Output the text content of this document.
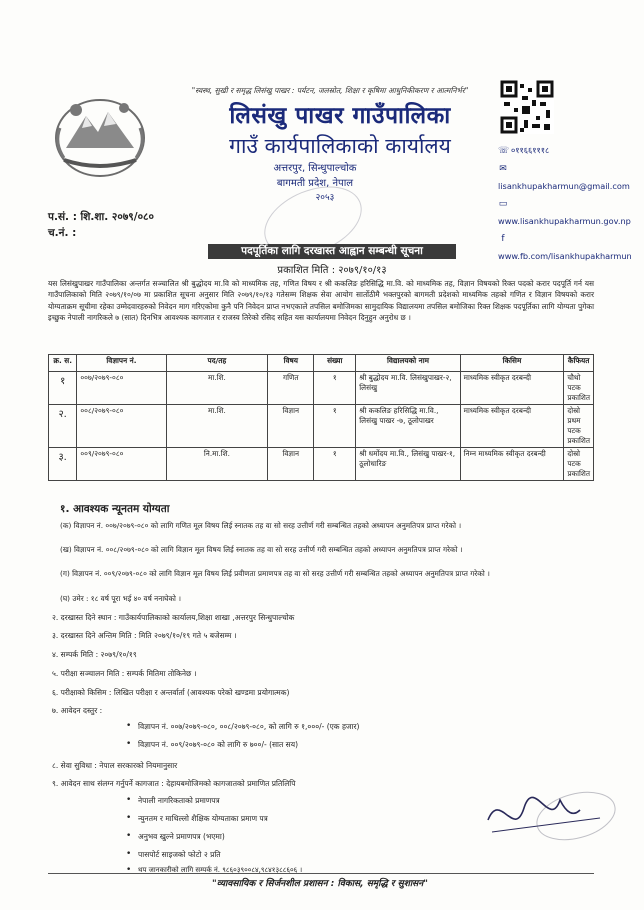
"स्वस्थ, सुखी र समृद्ध लिसंखु पाखर : पर्यटन, जलस्रोत, शिक्षा र कृषिमा आधुनिकीकरण र आत्मनिर्भर"
लिसंखु पाखर गाउँपालिका
गाउँ कार्यपालिकाको कार्यालय
अत्तरपुर, सिन्धुपाल्चोक
बागमती प्रदेश, नेपाल
२०५३
☏ ०११६६१११८
✉lisankhupakharmun@gmail.com
▭www.lisankhupakharmun.gov.np
fwww.fb.com/lisankhupakharmun
प.सं. : शि.शा. २०७९/०८०
च.नं. :
पदपूर्तिका लागि दरखास्त आह्वान सम्बन्धी सूचना
प्रकाशित मिति : २०७९/१०/१३
यस लिसंखुपाखर गाउँपालिका अन्तर्गत सञ्चालित श्री बुद्धोदय मा.वि को माध्यमिक तह, गणित विषय र श्री ककलिङ हरिसिद्धि मा.वि. को माध्यमिक तह, विज्ञान विषयको रिक्त पदको करार पदपूर्ति गर्न यस गाउँपालिकाको मिति २०७९/१०/०७ मा प्रकाशित सूचना अनुसार मिति २०७९/१०/१३ गतेसम्म शिक्षक सेवा आयोग सार्तोठीमै भक्तपुरको बागमती प्रदेशको माध्यमिक तहको गणित र विज्ञान विषयको करार योग्यताक्रम सूचीमा रहेका उम्मेदवारहरुको निवेदन माग गरिएकोमा कुनै पनि निवेदन प्राप्त नभएकाले तपसिल बमोजिमका सामुदायिक विद्यालयमा तपसिल बमोजिका रिक्त शिक्षक पदपूर्तिका लागि योग्यता पुगेका इच्छुक नेपाली नागरिकले ७ (सात) दिनभित्र आवश्यक कागजात र राजस्व तिरेको रसिद सहित यस कार्यालयमा निवेदन दिनुहुन अनुरोध छ ।
क्र. स.	विज्ञापन नं.	पद/तह	विषय	संख्या	विद्यालयको नाम	किसिम	कैफियत
१	००७/२०७९-०८०	मा.शि.	गणित	१	श्री बुद्धोदय मा.वि. लिसंखुपाखर-२, लिसंखु	माध्यमिक स्वीकृत दरबन्दी	चौथो पटक प्रकाशित
२.	००८/२०७९-०८०	मा.शि.	विज्ञान	१	श्री ककलिङ हरिसिद्धि मा.वि., लिसंखु पाखर -७, ठूलोपाखर	माध्यमिक स्वीकृत दरबन्दी	दोस्रो प्रथम पटक प्रकाशित
३.	००९/२०७९-०८०	नि.मा.शि.	विज्ञान	१	श्री धर्मोदय मा.वि., लिसंखु पाखर-१, ठूलोधारिङ	निम्न माध्यमिक स्वीकृत दरबन्दी	दोस्रो पटक प्रकाशित
१. आवश्यक न्यूनतम योग्यता
(क) विज्ञापन नं. ००७/२०७९-०८० को लागि गणित मूल विषय लिई स्नातक तह वा सो सरह उत्तीर्ण गरी सम्बन्धित तहको अध्यापन अनुमतिपत्र प्राप्त गरेको ।
(ख) विज्ञापन नं. ००८/२०७९-०८० को लागि विज्ञान मूल विषय लिई स्नातक तह वा सो सरह उत्तीर्ण गरी सम्बन्धित तहको अध्यापन अनुमतिपत्र प्राप्त गरेको ।
(ग) विज्ञापन नं. ००९/२०७९-०८० को लागि विज्ञान मूल विषय लिई प्रवीणता प्रमाणपत्र तह वा सो सरह उत्तीर्ण गरी सम्बन्धित तहको अध्यापन अनुमतिपत्र प्राप्त गरेको ।
(घ) उमेर : १८ वर्ष पूरा भई ४० वर्ष ननाघेको ।
२. दरखास्त दिने स्थान : गाउँकार्यपालिकाको कार्यालय,शिक्षा शाखा ,अत्तरपुर सिन्धुपाल्चोक
३. दरखास्त दिने अन्तिम मिति : मिति २०७९/१०/१९ गते ५ बजेसम्म ।
४. सम्पर्क मिति : २०७९/१०/१९
५. परीक्षा सञ्चालन मिति : सम्पर्क मितिमा तोकिनेछ ।
६. परीक्षाको किसिम : लिखित परीक्षा र अन्तर्वार्ता (आवश्यक परेको खण्डमा प्रयोगात्मक)
७. आवेदन दस्तुर :
• विज्ञापन नं. ००७/२०७९-०८०, ००८/२०७९-०८०, को लागि रु १,०००/- (एक हजार)
• विज्ञापन नं. ००९/२०७९-०८० को लागि रु ७००/- (सात सय)
८. सेवा सुविधा : नेपाल सरकारको नियमानुसार
९. आवेदन साथ संलग्न गर्नुपर्ने कागजात : देहायबमोजिमको कागजातको प्रमाणित प्रतिलिपि
• नेपाली नागरिकताको प्रमाणपत्र
• न्युनतम र माथिल्लो शैक्षिक योग्यताका प्रमाण पत्र
• अनुभव खुल्ने प्रमाणपत्र (भएमा)
• पासपोर्ट साइजको फोटो २ प्रति
• थप जानकारीको लागि सम्पर्क नं. ९८६०३९००८४,९८४१३८८६०६ ।
"व्यावसायिक र सिर्जनशील प्रशासन : विकास, समृद्धि र सुशासन"
